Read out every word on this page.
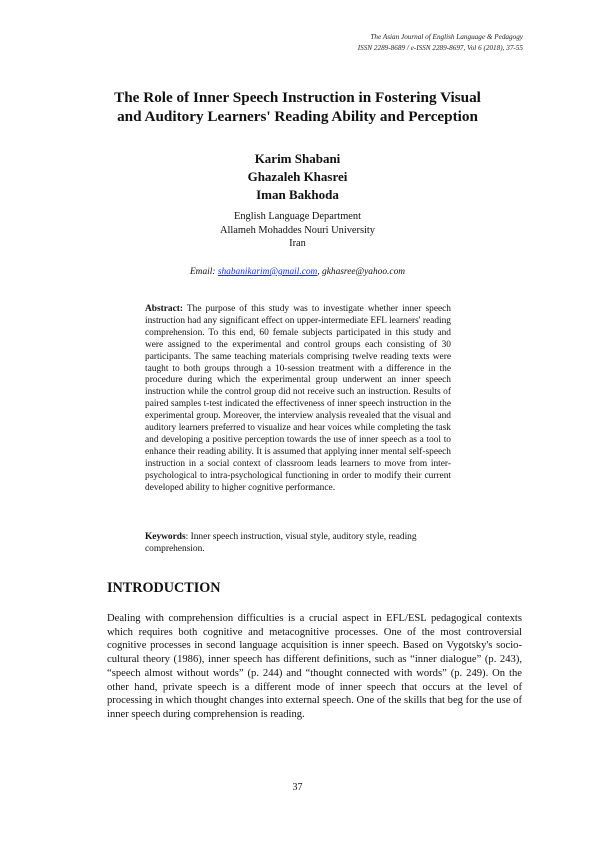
The Asian Journal of English Language & Pedagogy
ISSN 2289-8689 / e-ISSN 2289-8697, Vol 6 (2018), 37-55
The Role of Inner Speech Instruction in Fostering Visual
and Auditory Learners' Reading Ability and Perception
Karim Shabani
Ghazaleh Khasrei
Iman Bakhoda
English Language Department
Allameh Mohaddes Nouri University
Iran
Email: shabanikarim@gmail.com, gkhasree@yahoo.com
Abstract: The purpose of this study was to investigate whether inner speech instruction had any significant effect on upper-intermediate EFL learners' reading comprehension. To this end, 60 female subjects participated in this study and were assigned to the experimental and control groups each consisting of 30 participants. The same teaching materials comprising twelve reading texts were taught to both groups through a 10-session treatment with a difference in the procedure during which the experimental group underwent an inner speech instruction while the control group did not receive such an instruction. Results of paired samples t-test indicated the effectiveness of inner speech instruction in the experimental group. Moreover, the interview analysis revealed that the visual and auditory learners preferred to visualize and hear voices while completing the task and developing a positive perception towards the use of inner speech as a tool to enhance their reading ability. It is assumed that applying inner mental self-speech instruction in a social context of classroom leads learners to move from inter-psychological to intra-psychological functioning in order to modify their current developed ability to higher cognitive performance.
Keywords: Inner speech instruction, visual style, auditory style, reading comprehension.
INTRODUCTION

Dealing with comprehension difficulties is a crucial aspect in EFL/ESL pedagogical contexts which requires both cognitive and metacognitive processes. One of the most controversial cognitive processes in second language acquisition is inner speech. Based on Vygotsky's socio-cultural theory (1986), inner speech has different definitions, such as “inner dialogue” (p. 243), “speech almost without words” (p. 244) and “thought connected with words” (p. 249). On the other hand, private speech is a different mode of inner speech that occurs at the level of processing in which thought changes into external speech. One of the skills that beg for the use of inner speech during comprehension is reading.

37
